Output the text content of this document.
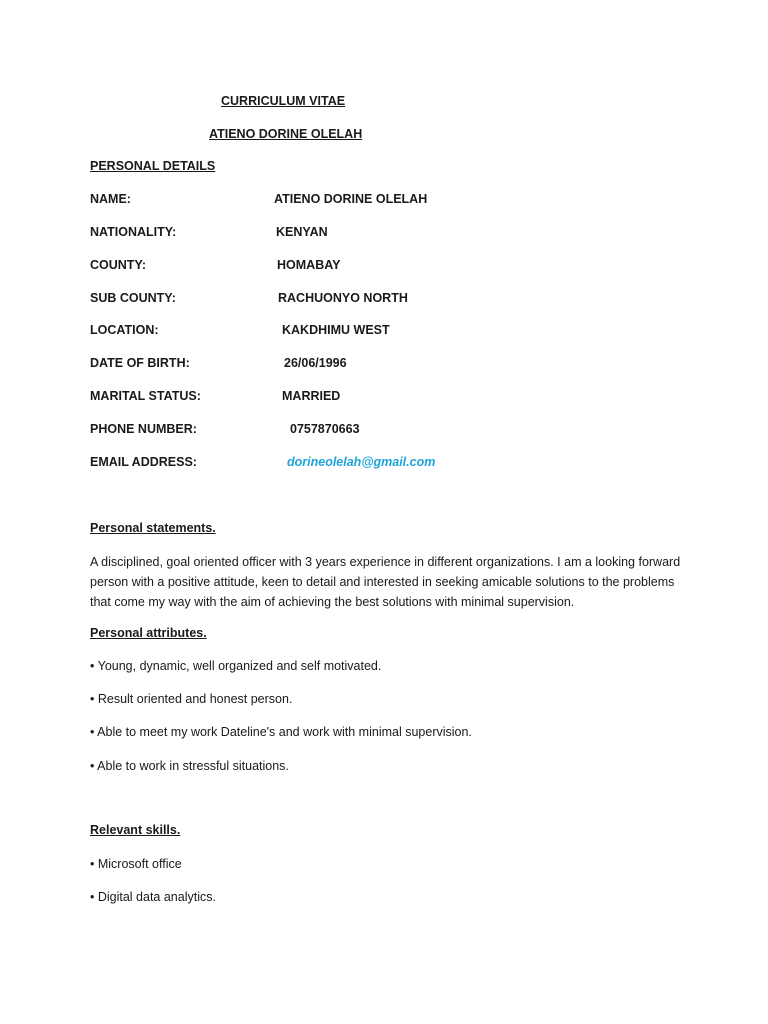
CURRICULUM VITAE
ATIENO DORINE OLELAH
PERSONAL DETAILS
NAME:	ATIENO DORINE OLELAH
NATIONALITY:	KENYAN
COUNTY:	HOMABAY
SUB COUNTY:	RACHUONYO NORTH
LOCATION:	KAKDHIMU WEST
DATE OF BIRTH:	26/06/1996
MARITAL STATUS:	MARRIED
PHONE NUMBER:	0757870663
EMAIL ADDRESS:	dorineolelah@gmail.com
Personal statements.
A disciplined, goal oriented officer with 3 years experience in different organizations. I am a looking forward person with a positive attitude, keen to detail and interested in seeking amicable solutions to the problems that come my way with the aim of achieving the best solutions with minimal supervision.
Personal attributes.
• Young, dynamic, well organized and self motivated.
• Result oriented and honest person.
• Able to meet my work Dateline's and work with minimal supervision.
• Able to work in stressful situations.
Relevant skills.
• Microsoft office
• Digital data analytics.
